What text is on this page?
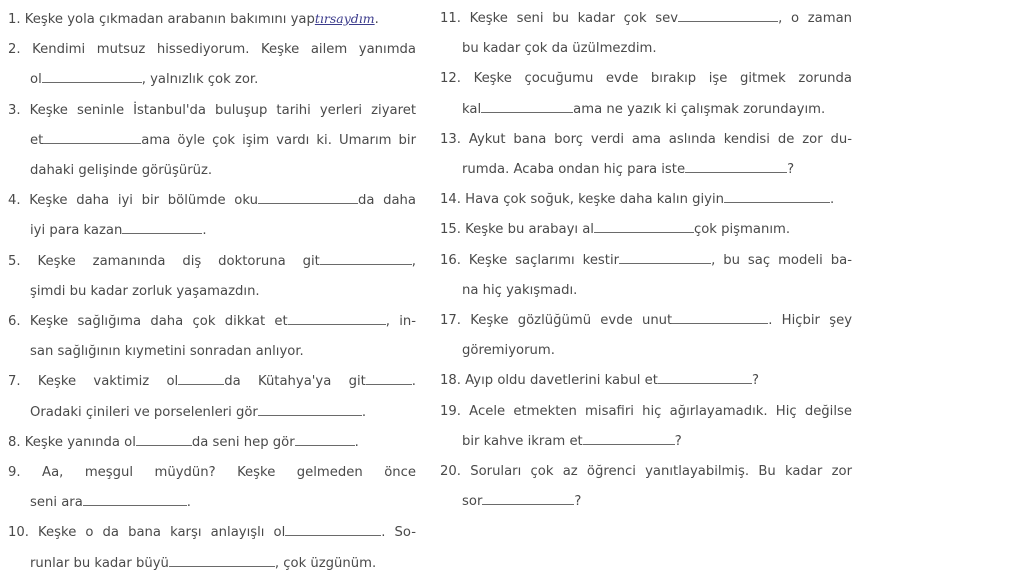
1. Keşke yola çıkmadan arabanın bakımını yaptırsaydım.
2. Kendimi mutsuz hissediyorum. Keşke ailem yanımda
ol	, yalnızlık çok zor.
3. Keşke seninle İstanbul'da buluşup tarihi yerleri ziyaret
et	ama öyle çok işim vardı ki. Umarım bir
dahaki gelişinde görüşürüz.
4. Keşke daha iyi bir bölümde oku	da daha
iyi para kazan	.
5. Keşke zamanında diş doktoruna git	,
şimdi bu kadar zorluk yaşamazdın.
6. Keşke sağlığıma daha çok dikkat et	, in-
san sağlığının kıymetini sonradan anlıyor.
7. Keşke vaktimiz ol	da Kütahya'ya git	.
Oradaki çinileri ve porselenleri gör	.
8. Keşke yanında ol	da seni hep gör	.
9. Aa, meşgul müydün? Keşke gelmeden önce
seni ara	.
10. Keşke o da bana karşı anlayışlı ol	. So-
runlar bu kadar büyü	, çok üzgünüm.
11. Keşke seni bu kadar çok sev	, o zaman
bu kadar çok da üzülmezdim.
12. Keşke çocuğumu evde bırakıp işe gitmek zorunda
kal	ama ne yazık ki çalışmak zorundayım.
13. Aykut bana borç verdi ama aslında kendisi de zor du-
rumda. Acaba ondan hiç para iste	?
14. Hava çok soğuk, keşke daha kalın giyin	.
15. Keşke bu arabayı al	çok pişmanım.
16. Keşke saçlarımı kestir	, bu saç modeli ba-
na hiç yakışmadı.
17. Keşke gözlüğümü evde unut	. Hiçbir şey
göremiyorum.
18. Ayıp oldu davetlerini kabul et	?
19. Acele etmekten misafiri hiç ağırlayamadık. Hiç değilse
bir kahve ikram et	?
20. Soruları çok az öğrenci yanıtlayabilmiş. Bu kadar zor
sor	?
